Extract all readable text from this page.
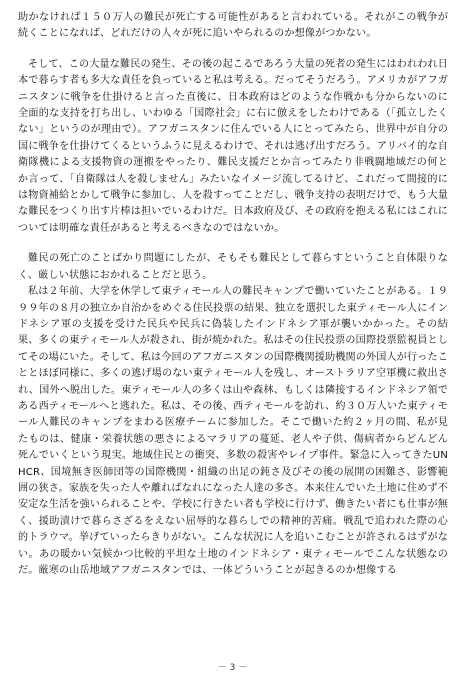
助かなければ１５０万人の難民が死亡する可能性があると言われている。それがこの戦争が続くことになれば、どれだけの人々が死に追いやられるのか想像がつかない。

そして、この大量な難民の発生、その後の起こるであろう大量の死者の発生にはわれわれ日本で暮らす者も多大な責任を負っていると私は考える。だってそうだろう。アメリカがアフガニスタンに戦争を仕掛けると言った直後に、日本政府はどのような作戦かも分からないのに全面的な支持を打ち出し、いわゆる「国際社会」に右に倣えをしたわけである（「孤立したくない」というのが理由で）。アフガニスタンに住んでいる人にとってみたら、世界中が自分の国に戦争を仕掛けてくるというふうに見えるわけで、それは逃げ出すだろう。アリバイ的な自衛隊機による支援物資の運搬をやったり、難民支援だとか言ってみたり非戦闘地域だの何とか言って、「自衛隊は人を殺しません」みたいなイメージ流してるけど、これだって間接的には物資補給とかして戦争に参加し、人を殺すってことだし、戦争支持の表明だけで、もう大量な難民をつくり出す片棒は担いでいるわけだ。日本政府及び、その政府を抱える私にはこれについては明確な責任があると考えるべきなのではないか。

難民の死亡のことばかり問題にしたが、そもそも難民として暮らすということ自体限りなく、厳しい状態におかれることだと思う。

私は２年前、大学を休学して東ティモール人の難民キャンプで働いていたことがある。１９９９年の８月の独立か自治かをめぐる住民投票の結果、独立を選択した東ティモール人にインドネシア軍の支援を受けた民兵や民兵に偽装したインドネシア軍が襲いかかった。その結果、多くの東ティモール人が殺され、街が焼かれた。私はその住民投票の国際投票監視員としてその場にいた。そして、私は今回のアフガニスタンの国際機関援助機関の外国人が行ったこととほぼ同様に、多くの逃げ場のない東ティモール人を残し、オーストラリア空軍機に救出され、国外へ脱出した。東ティモール人の多くは山や森林、もしくは隣接するインドネシア領である西ティモールへと逃れた。私は、その後、西ティモールを訪れ、約３０万人いた東ティモール人難民のキャンプをまわる医療チームに参加した。そこで働いた約２ヶ月の間、私が見たものは、健康・栄養状態の悪さによるマラリアの蔓延、老人や子供、傷病者からどんどん死んでいくという現実。地域住民との衝突、多数の殺害やレイプ事件。緊急に入ってきたUNHCR、国境無き医師団等の国際機関・組織の出足の鈍さ及びその後の展開の困難さ、影響範囲の狭さ。家族を失った人や離ればなれになった人達の多さ。本来住んでいた土地に住めず不安定な生活を強いられることや、学校に行きたい者も学校に行けず、働きたい者にも仕事が無く、援助漬けで暮らさざるをえない屈辱的な暮らしでの精神的苦痛。戦乱で追われた際の心的トラウマ。挙げていったらきりがない。こんな状況に人を追いこむことが許されるはずがない。あの暖かい気候かつ比較的平坦な土地のインドネシア・東ティモールでこんな状態なのだ。厳寒の山岳地域アフガニスタンでは、一体どういうことが起きるのか想像する

－ 3 －
